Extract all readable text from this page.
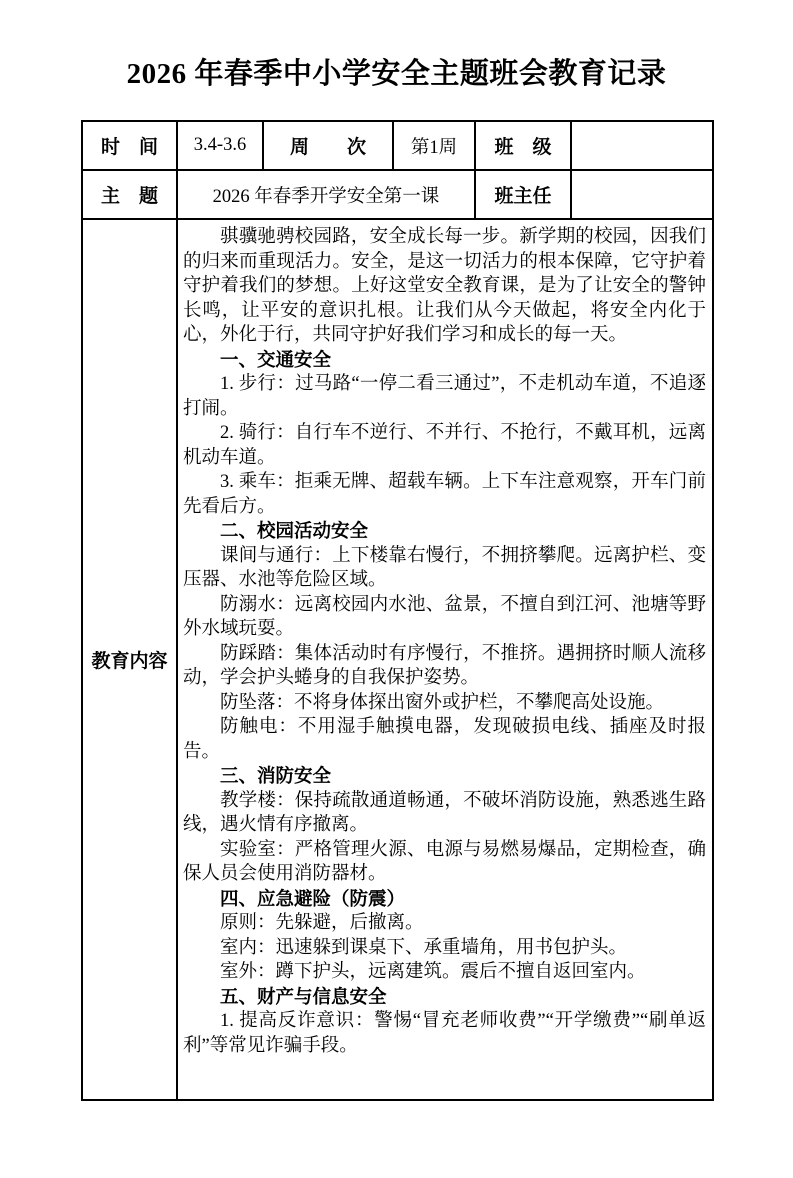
2026 年春季中小学安全主题班会教育记录
时　间	3.4-3.6	周　　次	第1周	班　级	
主　题	2026 年春季开学安全第一课			班主任	
教育内容	

骐骥驰骋校园路，安全成长每一步。新学期的校园，因我们的归来而重现活力。安全，是这一切活力的根本保障，它守护着守护着我们的梦想。上好这堂安全教育课，是为了让安全的警钟长鸣，让平安的意识扎根。让我们从今天做起，将安全内化于心，外化于行，共同守护好我们学习和成长的每一天。

一、交通安全

1. 步行：过马路“一停二看三通过”，不走机动车道，不追逐打闹。

2. 骑行：自行车不逆行、不并行、不抢行，不戴耳机，远离机动车道。

3. 乘车：拒乘无牌、超载车辆。上下车注意观察，开车门前先看后方。

二、校园活动安全

课间与通行：上下楼靠右慢行，不拥挤攀爬。远离护栏、变压器、水池等危险区域。

防溺水：远离校园内水池、盆景，不擅自到江河、池塘等野外水域玩耍。

防踩踏：集体活动时有序慢行，不推挤。遇拥挤时顺人流移动，学会护头蜷身的自我保护姿势。

防坠落：不将身体探出窗外或护栏，不攀爬高处设施。

防触电：不用湿手触摸电器，发现破损电线、插座及时报告。

三、消防安全

教学楼：保持疏散通道畅通，不破坏消防设施，熟悉逃生路线，遇火情有序撤离。

实验室：严格管理火源、电源与易燃易爆品，定期检查，确保人员会使用消防器材。

四、应急避险（防震）

原则：先躲避，后撤离。

室内：迅速躲到课桌下、承重墙角，用书包护头。

室外：蹲下护头，远离建筑。震后不擅自返回室内。

五、财产与信息安全

1. 提高反诈意识：警惕“冒充老师收费”“开学缴费”“刷单返利”等常见诈骗手段。
